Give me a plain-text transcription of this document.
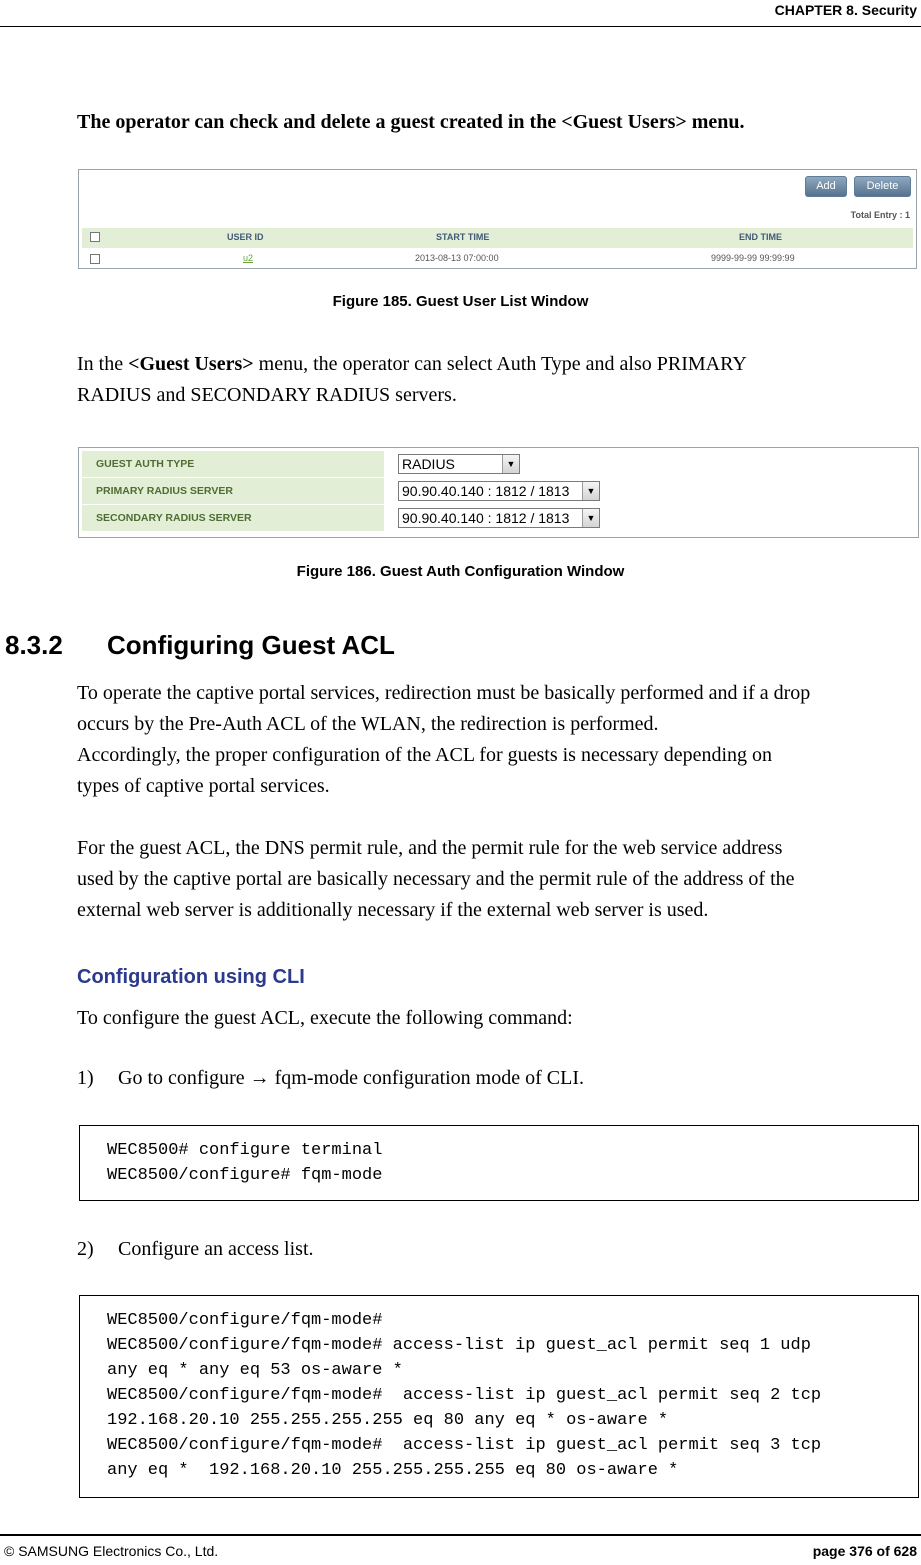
CHAPTER 8. Security
The operator can check and delete a guest created in the <Guest Users> menu.
Add	Delete
Total Entry : 1
USER ID	START TIME	END TIME
u2	2013-08-13 07:00:00	9999-99-99 99:99:99
Figure 185. Guest User List Window
In the <Guest Users> menu, the operator can select Auth Type and also PRIMARY
RADIUS and SECONDARY RADIUS servers.
GUEST AUTH TYPE	RADIUS	▼
PRIMARY RADIUS SERVER	90.90.40.140 : 1812 / 1813	▼
SECONDARY RADIUS SERVER	90.90.40.140 : 1812 / 1813	▼
Figure 186. Guest Auth Configuration Window
8.3.2 Configuring Guest ACL
To operate the captive portal services, redirection must be basically performed and if a drop
occurs by the Pre-Auth ACL of the WLAN, the redirection is performed.
Accordingly, the proper configuration of the ACL for guests is necessary depending on
types of captive portal services.
For the guest ACL, the DNS permit rule, and the permit rule for the web service address
used by the captive portal are basically necessary and the permit rule of the address of the
external web server is additionally necessary if the external web server is used.
Configuration using CLI
To configure the guest ACL, execute the following command:
1) Go to configure → fqm-mode configuration mode of CLI.
WEC8500# configure terminal
WEC8500/configure# fqm-mode
2) Configure an access list.
WEC8500/configure/fqm-mode#
WEC8500/configure/fqm-mode# access-list ip guest_acl permit seq 1 udp
any eq * any eq 53 os-aware *
WEC8500/configure/fqm-mode#  access-list ip guest_acl permit seq 2 tcp
192.168.20.10 255.255.255.255 eq 80 any eq * os-aware *
WEC8500/configure/fqm-mode#  access-list ip guest_acl permit seq 3 tcp
any eq *  192.168.20.10 255.255.255.255 eq 80 os-aware *
© SAMSUNG Electronics Co., Ltd.	page 376 of 628
